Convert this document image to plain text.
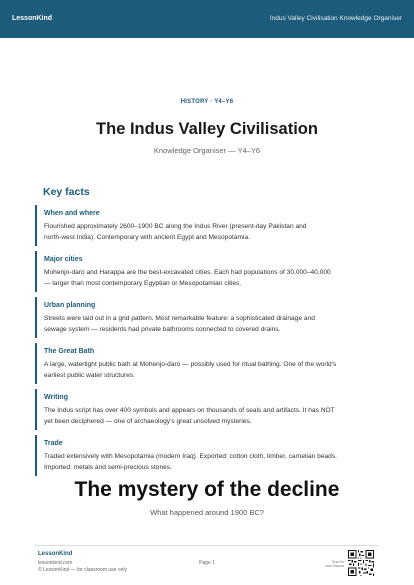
LessonKind	Indus Valley Civilisation Knowledge Organiser
HISTORY · Y4–Y6
The Indus Valley Civilisation
Knowledge Organiser — Y4–Y6
Key facts
When and where
Flourished approximately 2600–1900 BC along the Indus River (present-day Pakistan and
north-west India). Contemporary with ancient Egypt and Mesopotamia.
Major cities
Mohenjo-daro and Harappa are the best-excavated cities. Each had populations of 30,000–40,000
— larger than most contemporary Egyptian or Mesopotamian cities.
Urban planning
Streets were laid out in a grid pattern. Most remarkable feature: a sophisticated drainage and
sewage system — residents had private bathrooms connected to covered drains.
The Great Bath
A large, watertight public bath at Mohenjo-daro — possibly used for ritual bathing. One of the world's
earliest public water structures.
Writing
The Indus script has over 400 symbols and appears on thousands of seals and artifacts. It has NOT
yet been deciphered — one of archaeology's great unsolved mysteries.
Trade
Traded extensively with Mesopotamia (modern Iraq). Exported: cotton cloth, timber, carnelian beads.
Imported: metals and semi-precious stones.
The mystery of the decline
What happened around 1900 BC?
LessonKind
lessonkind.com
© LessonKind — for classroom use only
Page 1	Scan for
more lessons
